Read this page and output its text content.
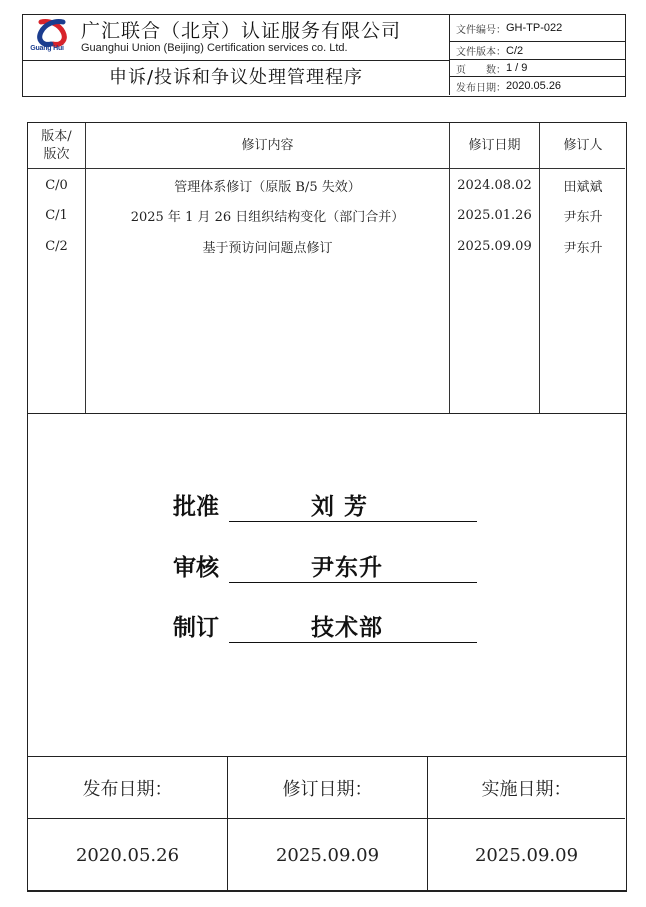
Guang Hui
广汇联合（北京）认证服务有限公司
Guanghui Union (Beijing) Certification services co. Ltd.
申诉/投诉和争议处理管理程序
文件编号： GH-TP-022
文件版本： C/2
页　　数： 1 / 9
发布日期： 2020.05.26
版本/
版次
修订内容	修订日期	修订人
C/0	管理体系修订（原版 B/5 失效）	2024.08.02	田斌斌
C/1	2025 年 1 月 26 日组织结构变化（部门合并）	2025.01.26	尹东升
C/2	基于预访问问题点修订	2025.09.09	尹东升
批准	刘 芳
审核	尹东升
制订	技术部
发布日期：	修订日期：	实施日期：
2020.05.26	2025.09.09	2025.09.09
